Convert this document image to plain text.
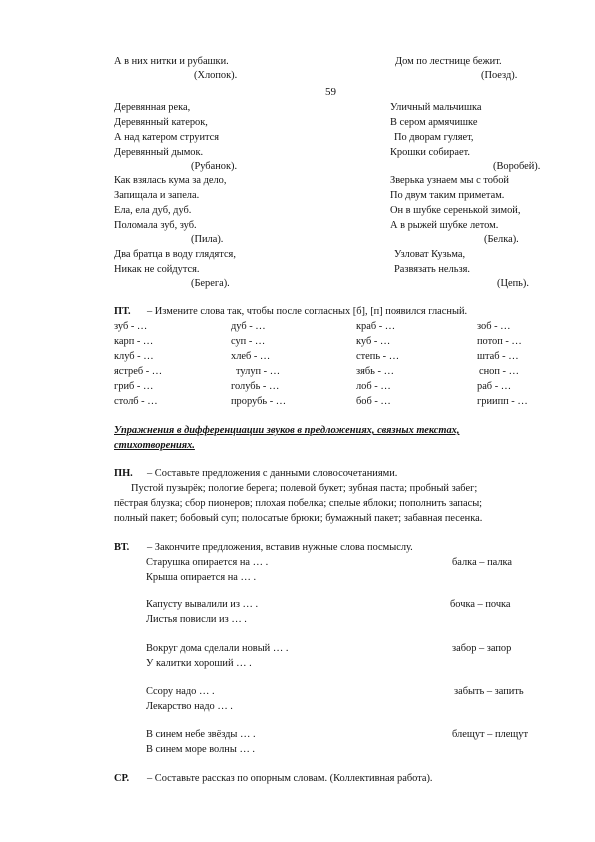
А в них нитки и рубашки.
(Хлопок).
Дом по лестнице бежит.
(Поезд).
59
Деревянная река,
Деревянный катерок,
А над катером струится
Деревянный дымок.
(Рубанок).
Уличный мальчишка
В сером армячишке
По дворам гуляет,
Крошки собирает.
(Воробей).
Как взялась кума за дело,
Запищала и запела.
Ела, ела дуб, дуб.
Поломала зуб, зуб.
(Пила).
Зверька узнаем мы с тобой
По двум таким приметам.
Он в шубке серенькой зимой,
А в рыжей шубке летом.
(Белка).
Два братца в воду глядятся,
Никак не сойдутся.
(Берега).
Узловат Кузьма,
Развязать нельзя.
(Цепь).
ПТ. – Измените слова так, чтобы после согласных [б], [п] появился гласный.
зуб - …	дуб - …	краб - …	зоб - …
карп - …	суп - …	куб - …	потоп - …
клуб - …	хлеб - …	степь - …	штаб - …
ястреб - …	тулуп - …	зябь - …	сноп - …
гриб - …	голубь - …	лоб - …	раб - …
столб - …	прорубь - …	боб - …	гриипп - …
Упражнения в дифференциации звуков в предложениях, связных текстах,
стихотворениях.
ПН. – Составьте предложения с данными словосочетаниями.
Пустой пузырёк; пологие берега; полевой букет; зубная паста; пробный забег;
пёстрая блузка; сбор пионеров; плохая побелка; спелые яблоки; пополнить запасы;
полный пакет; бобовый суп; полосатые брюки; бумажный пакет; забавная песенка.
ВТ. – Закончите предложения, вставив нужные слова посмыслу.
Старушка опирается на … .
Крыша опирается на … .
балка – палка
Капусту вывалили из … .
Листья повисли из … .
бочка – почка
Вокруг дома сделали новый … .
У калитки хороший … .
забор – запор
Ссору надо … .
Лекарство надо … .
забыть – запить
В синем небе звёзды … .
В синем море волны … .
блещут – плещут
СР. – Составьте рассказ по опорным словам. (Коллективная работа).
